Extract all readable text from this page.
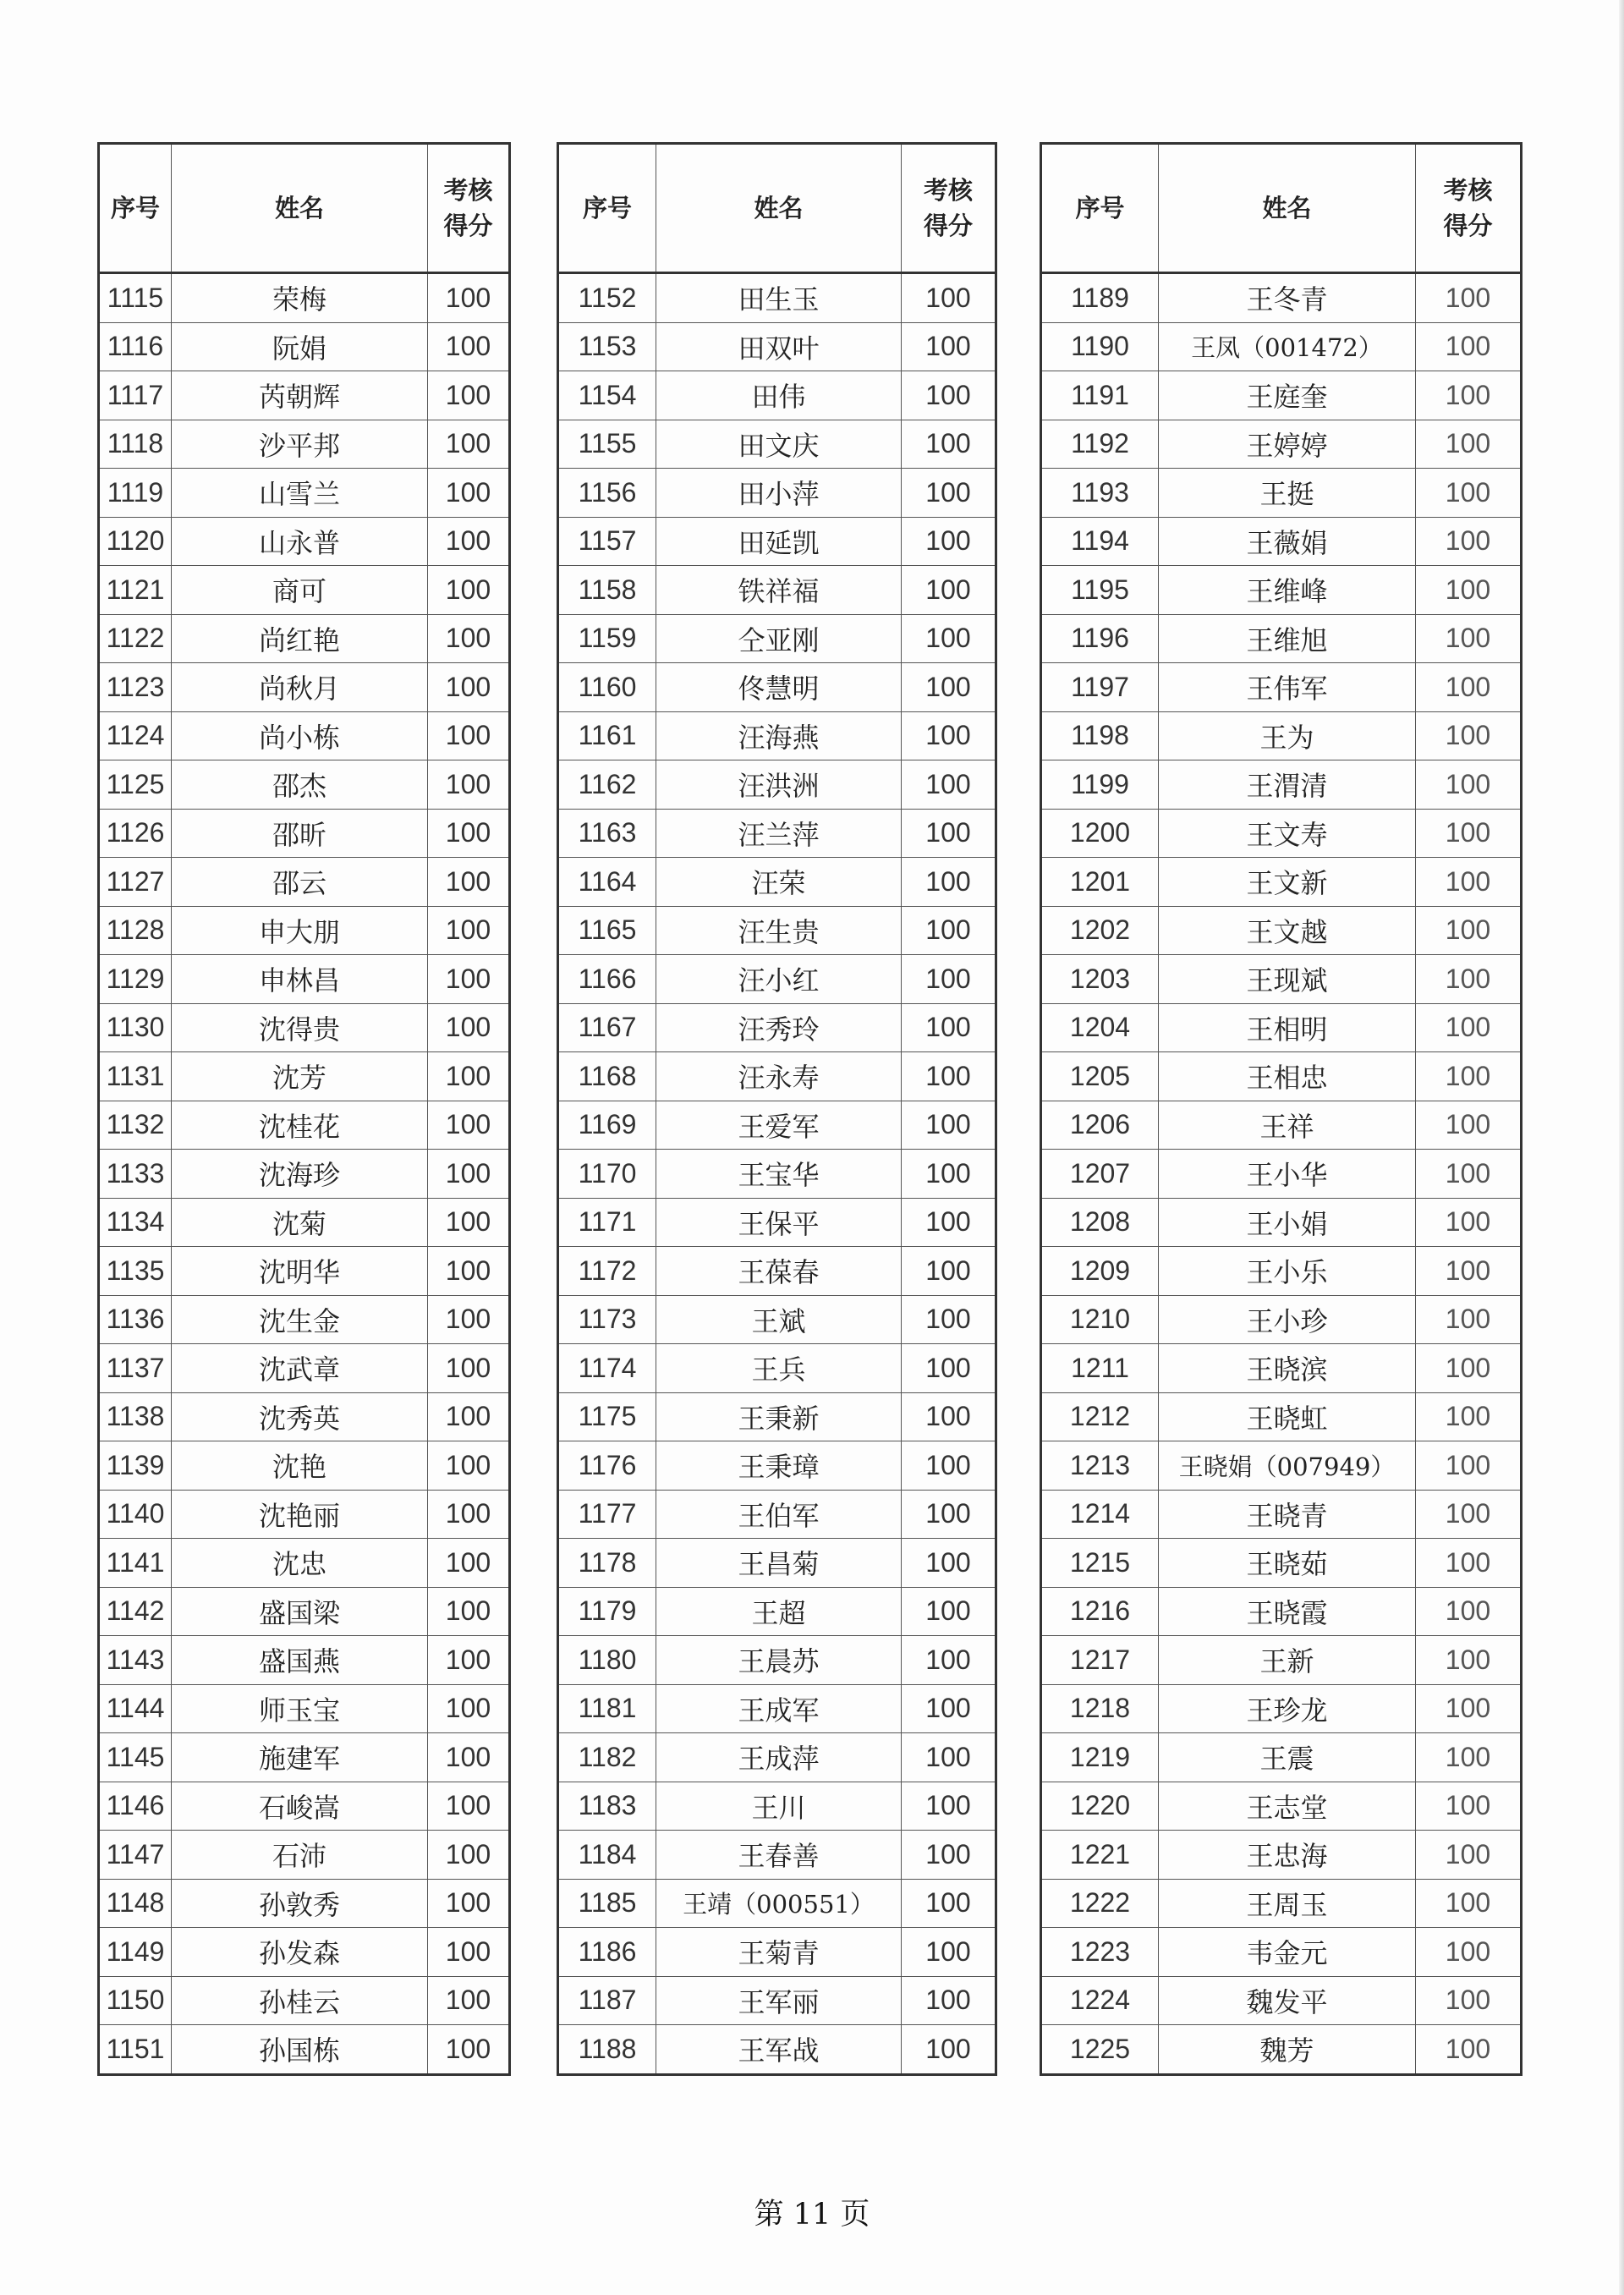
序号	姓名	考核
得分
1115	荣梅	100
1116	阮娟	100
1117	芮朝辉	100
1118	沙平邦	100
1119	山雪兰	100
1120	山永普	100
1121	商可	100
1122	尚红艳	100
1123	尚秋月	100
1124	尚小栋	100
1125	邵杰	100
1126	邵昕	100
1127	邵云	100
1128	申大朋	100
1129	申林昌	100
1130	沈得贵	100
1131	沈芳	100
1132	沈桂花	100
1133	沈海珍	100
1134	沈菊	100
1135	沈明华	100
1136	沈生金	100
1137	沈武章	100
1138	沈秀英	100
1139	沈艳	100
1140	沈艳丽	100
1141	沈忠	100
1142	盛国梁	100
1143	盛国燕	100
1144	师玉宝	100
1145	施建军	100
1146	石峻嵩	100
1147	石沛	100
1148	孙敦秀	100
1149	孙发森	100
1150	孙桂云	100
1151	孙国栋	100
序号	姓名	考核
得分
1152	田生玉	100
1153	田双叶	100
1154	田伟	100
1155	田文庆	100
1156	田小萍	100
1157	田延凯	100
1158	铁祥福	100
1159	仝亚刚	100
1160	佟慧明	100
1161	汪海燕	100
1162	汪洪洲	100
1163	汪兰萍	100
1164	汪荣	100
1165	汪生贵	100
1166	汪小红	100
1167	汪秀玲	100
1168	汪永寿	100
1169	王爱军	100
1170	王宝华	100
1171	王保平	100
1172	王葆春	100
1173	王斌	100
1174	王兵	100
1175	王秉新	100
1176	王秉璋	100
1177	王伯军	100
1178	王昌菊	100
1179	王超	100
1180	王晨苏	100
1181	王成军	100
1182	王成萍	100
1183	王川	100
1184	王春善	100
1185	王靖（000551）	100
1186	王菊青	100
1187	王军丽	100
1188	王军战	100
序号	姓名	考核
得分
1189	王冬青	100
1190	王凤（001472）	100
1191	王庭奎	100
1192	王婷婷	100
1193	王挺	100
1194	王薇娟	100
1195	王维峰	100
1196	王维旭	100
1197	王伟军	100
1198	王为	100
1199	王渭清	100
1200	王文寿	100
1201	王文新	100
1202	王文越	100
1203	王现斌	100
1204	王相明	100
1205	王相忠	100
1206	王祥	100
1207	王小华	100
1208	王小娟	100
1209	王小乐	100
1210	王小珍	100
1211	王晓滨	100
1212	王晓虹	100
1213	王晓娟（007949）	100
1214	王晓青	100
1215	王晓茹	100
1216	王晓霞	100
1217	王新	100
1218	王珍龙	100
1219	王震	100
1220	王志堂	100
1221	王忠海	100
1222	王周玉	100
1223	韦金元	100
1224	魏发平	100
1225	魏芳	100
第 11 页
